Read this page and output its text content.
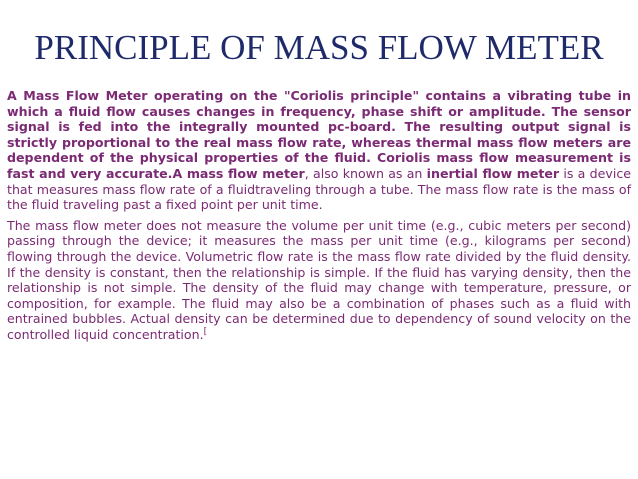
PRINCIPLE OF MASS FLOW METER

A Mass Flow Meter operating on the "Coriolis principle" contains a vibrating tube in which a fluid flow causes changes in frequency, phase shift or amplitude. The sensor signal is fed into the integrally mounted pc-board. The resulting output signal is strictly proportional to the real mass flow rate, whereas thermal mass flow meters are dependent of the physical properties of the fluid. Coriolis mass flow measurement is fast and very accurate.A mass flow meter, also known as an inertial flow meter is a device that measures mass flow rate of a fluidtraveling through a tube. The mass flow rate is the mass of the fluid traveling past a fixed point per unit time.

The mass flow meter does not measure the volume per unit time (e.g., cubic meters per second) passing through the device; it measures the mass per unit time (e.g., kilograms per second) flowing through the device. Volumetric flow rate is the mass flow rate divided by the fluid density. If the density is constant, then the relationship is simple. If the fluid has varying density, then the relationship is not simple. The density of the fluid may change with temperature, pressure, or composition, for example. The fluid may also be a combination of phases such as a fluid with entrained bubbles. Actual density can be determined due to dependency of sound velocity on the controlled liquid concentration.[
